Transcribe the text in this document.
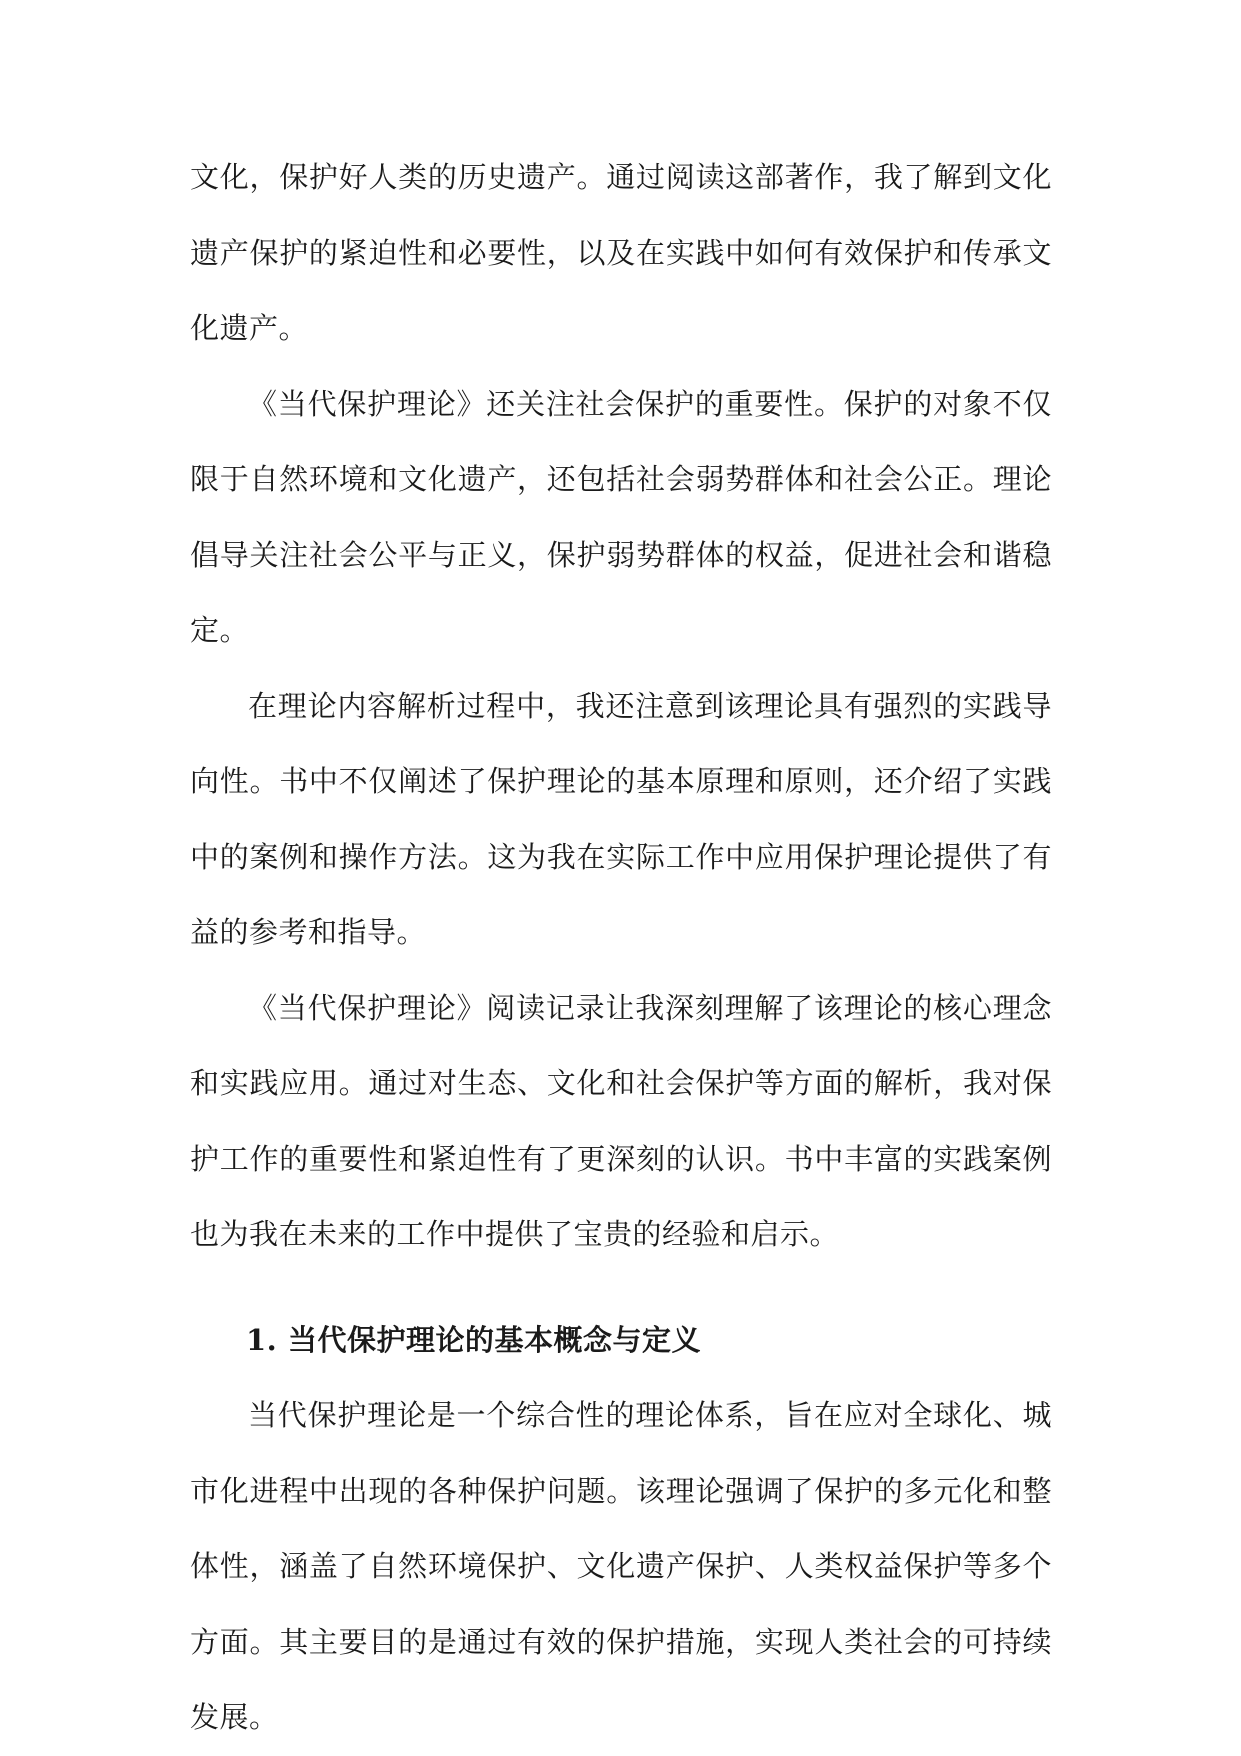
文化，保护好人类的历史遗产。通过阅读这部著作，我了解到文化遗产保护的紧迫性和必要性，以及在实践中如何有效保护和传承文化遗产。

《当代保护理论》还关注社会保护的重要性。保护的对象不仅限于自然环境和文化遗产，还包括社会弱势群体和社会公正。理论倡导关注社会公平与正义，保护弱势群体的权益，促进社会和谐稳定。

在理论内容解析过程中，我还注意到该理论具有强烈的实践导向性。书中不仅阐述了保护理论的基本原理和原则，还介绍了实践中的案例和操作方法。这为我在实际工作中应用保护理论提供了有益的参考和指导。

《当代保护理论》阅读记录让我深刻理解了该理论的核心理念和实践应用。通过对生态、文化和社会保护等方面的解析，我对保护工作的重要性和紧迫性有了更深刻的认识。书中丰富的实践案例也为我在未来的工作中提供了宝贵的经验和启示。

1. 当代保护理论的基本概念与定义

当代保护理论是一个综合性的理论体系，旨在应对全球化、城市化进程中出现的各种保护问题。该理论强调了保护的多元化和整体性，涵盖了自然环境保护、文化遗产保护、人类权益保护等多个方面。其主要目的是通过有效的保护措施，实现人类社会的可持续发展。
